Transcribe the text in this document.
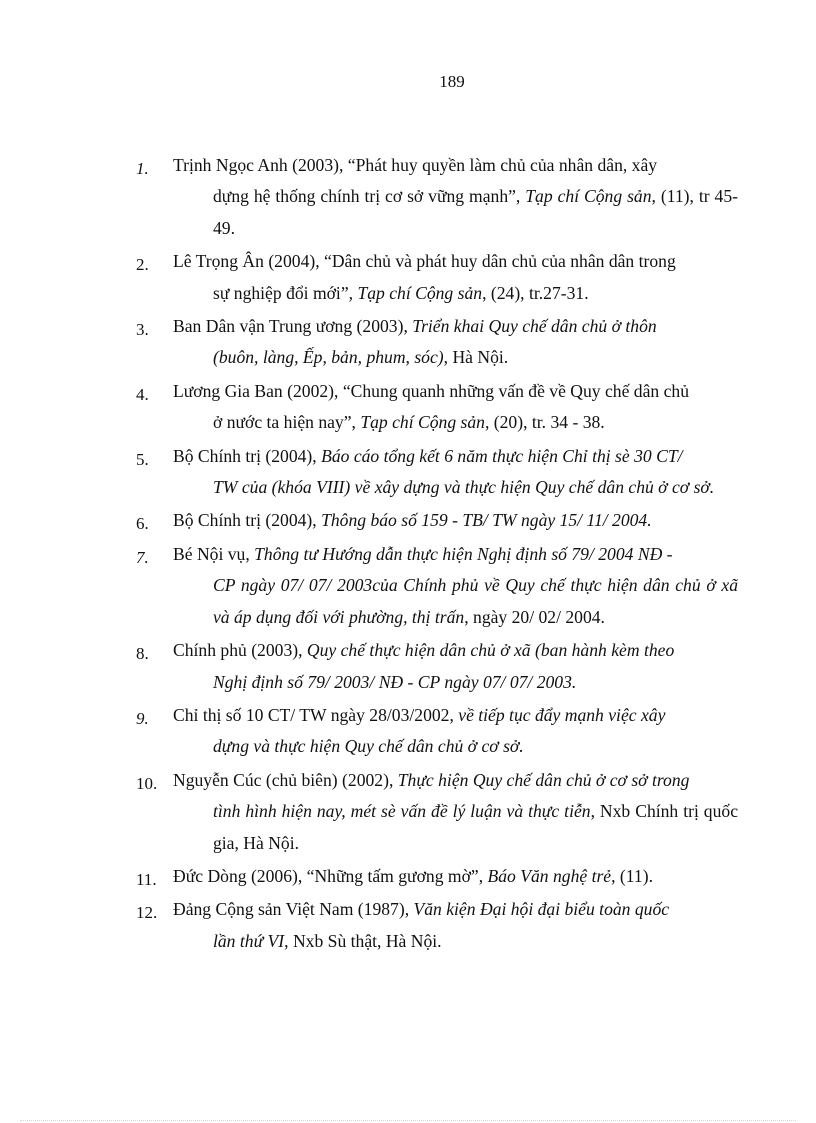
189
1. Trịnh Ngọc Anh (2003), “Phát huy quyền làm chủ của nhân dân, xây
dựng hệ thống chính trị cơ sở vững mạnh”, Tạp chí Cộng sản, (11), tr 45-49.
2. Lê Trọng Ân (2004), “Dân chủ và phát huy dân chủ của nhân dân trong
sự nghiệp đổi mới”, Tạp chí Cộng sản, (24), tr.27-31.
3. Ban Dân vận Trung ương (2003), Triển khai Quy chế dân chủ ở thôn
(buôn, làng, Ếp, bản, phum, sóc), Hà Nội.
4. Lương Gia Ban (2002), “Chung quanh những vấn đề về Quy chế dân chủ
ở nước ta hiện nay”, Tạp chí Cộng sản, (20), tr. 34 - 38.
5. Bộ Chính trị (2004), Báo cáo tổng kết 6 năm thực hiện Chỉ thị sè 30 CT/
TW của (khóa VIII) về xây dựng và thực hiện Quy chế dân chủ ở cơ sở.
6. Bộ Chính trị (2004), Thông báo số 159 - TB/ TW ngày 15/ 11/ 2004.
7. Bé Nội vụ, Thông tư Hướng dẫn thực hiện Nghị định số 79/ 2004 NĐ -
CP ngày 07/ 07/ 2003của Chính phủ về Quy chế thực hiện dân chủ ở xã và áp dụng đối với phường, thị trấn, ngày 20/ 02/ 2004.
8. Chính phủ (2003), Quy chế thực hiện dân chủ ở xã (ban hành kèm theo
Nghị định số 79/ 2003/ NĐ - CP ngày 07/ 07/ 2003.
9. Chỉ thị số 10 CT/ TW ngày 28/03/2002, về tiếp tục đẩy mạnh việc xây
dựng và thực hiện Quy chế dân chủ ở cơ sở.
10. Nguyễn Cúc (chủ biên) (2002), Thực hiện Quy chế dân chủ ở cơ sở trong
tình hình hiện nay, mét sè vấn đề lý luận và thực tiễn, Nxb Chính trị quốc gia, Hà Nội.
11. Đức Dòng (2006), “Những tấm gương mờ”, Báo Văn nghệ trẻ, (11).
12. Đảng Cộng sản Việt Nam (1987), Văn kiện Đại hội đại biểu toàn quốc
lần thứ VI, Nxb Sù thật, Hà Nội.
